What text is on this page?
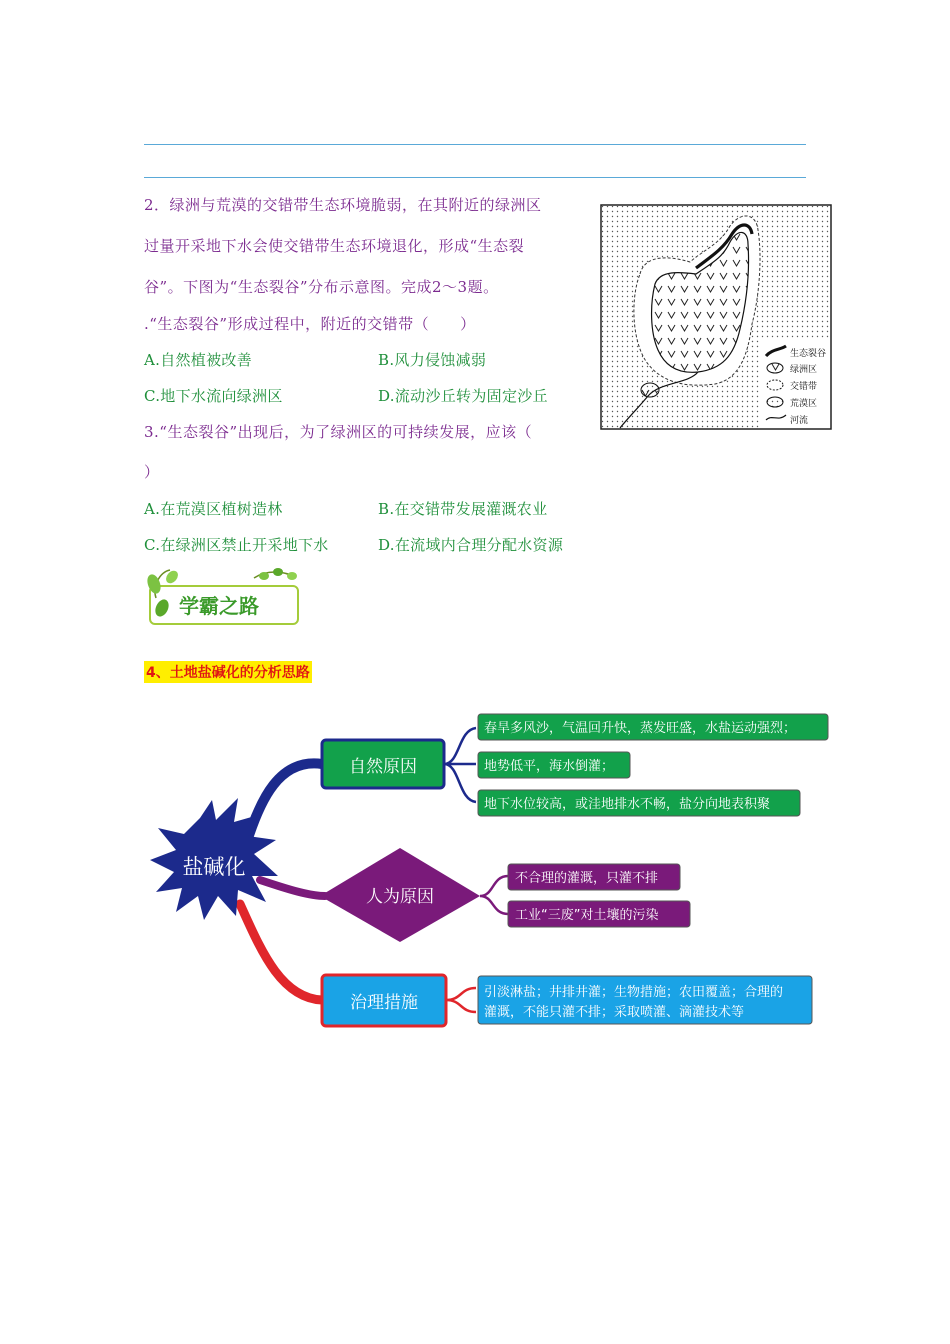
2．绿洲与荒漠的交错带生态环境脆弱，在其附近的绿洲区
过量开采地下水会使交错带生态环境退化，形成“生态裂
谷”。下图为“生态裂谷”分布示意图。完成2～3题。
.“生态裂谷”形成过程中，附近的交错带（　　）
A.自然植被改善	B.风力侵蚀减弱
C.地下水流向绿洲区	D.流动沙丘转为固定沙丘
3.“生态裂谷”出现后，为了绿洲区的可持续发展，应该（
）
A.在荒漠区植树造林	B.在交错带发展灌溉农业
C.在绿洲区禁止开采地下水	D.在流域内合理分配水资源
生态裂谷
绿洲区
交错带
荒漠区
河流
学霸之路
4、土地盐碱化的分析思路
盐碱化
自然原因
春旱多风沙，气温回升快，蒸发旺盛，水盐运动强烈；
地势低平，海水倒灌；
地下水位较高，或洼地排水不畅，盐分向地表积聚
人为原因
不合理的灌溉，只灌不排
工业“三废”对土壤的污染
治理措施
引淡淋盐；井排井灌；生物措施；农田覆盖；合理的
灌溉，不能只灌不排；采取喷灌、滴灌技术等
